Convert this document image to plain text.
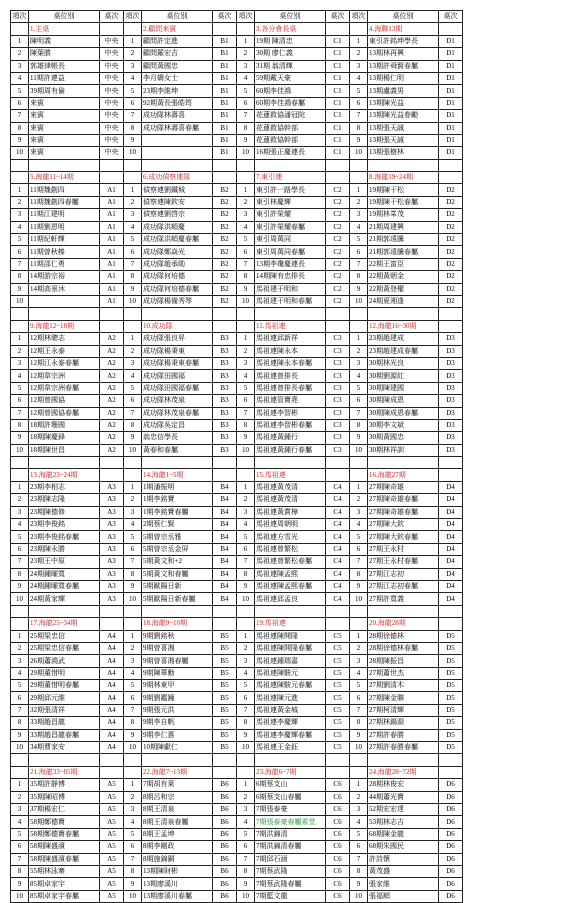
項次	桌位別	桌次	項次	桌位別	桌次	項次	桌位別	桌次	項次	桌位別	桌次
	1.主桌			2.顧問來賓			3.各分會長桌			4.海聯13期	
1	陳明義	中央	1	顧問許定進	B1	1	19期 陳清忠	C1	1	東引許銘坤學長	D1
2	陳葉勝	中央	2	顧問羅宏吉	B1	2	30期 廖仁義	C1	2	13期林再興	D1
3	郭雄律帳長	中央	3	顧問黃國忠	B1	3	31期 翁清輝	C1	3	13期許舜賢春屬	D1
4	11期許連益	中央	4	李月嬌女士	B1	4	59期戴天豪	C1	4	13期楊仁明	D1
5	39期周有倫	中央	5	23期李維坤	B1	5	60期李佳鴻	C1	5	13期盧義男	D1
6	來賓	中央	6	92期黃長張皓筠	B1	6	60期李佳鴻春屬	C1	6	13期陳光益	D1
7	來賓	中央	7	成功隊林壽喜	B1	7	花蓮救協潘冠院	C1	7	13期陳光益眷勵	D1
8	來賓	中央	8	成功隊林壽喜春屬	B1	8	花蓮救協幹部	C1	8	13期張天誠	D1
9	來賓	中央	9		B1	9	花蓮救協幹部	C1	9	13期張天誠	D1
10	來賓	中央	10		B1	10	16期張正慶連長	C1	10	13期張樹林	D1

	5.海龍11~14期			6.成功偵察連隊			7.東引連			8.海龍19~24期	
1	11期魏劍四	A1	1	偵察連劉鐵城	B2	1	東引許一路學長	C2	1	19期陳干松	D2
2	11期魏劍四春屬	A1	2	偵察連陳欽安	B2	2	東引林慶輝	C2	2	19期陳干松春屬	D2
3	11期江建明	A1	3	偵察連劉啓宗	B2	3	東引許榮耀	C2	3	19期林峯茂	D2
4	11期劉恩明	A1	4	成功隊洪順慶	B2	4	東引許榮耀春屬	C2	4	21期周建興	D2
5	11期紀軒輝	A1	5	成功隊洪順慶春屬	B2	5	東引周萬同	C2	5	21期郭遠騰	D2
6	11期曾秋榛	A1	6	成功隊鄭焱光	B2	6	東引周萬同春屬	C2	6	21期郭遠騰春屬	D2
7	11期邵仁勇	A1	7	成功隊趙承勛	B2	7	13期李瓊慶連長	C2	7	22期王富臣	D2
8	14期游宗裕	A1	8	成功隊何培德	B2	8	14期陳有忠排長	C2	8	22期黃朝金	D2
9	14期高景沐	A1	9	成功隊何培德春屬	B2	9	馬祖建干明和	C2	9	22期黃登權	D2
10		A1	10	成功隊楊備秀琴	B2	10	馬祖建干明和春屬	C2	10	24期夏湘逢	D2

	9.海龍12~18期			10.成功隊			11.馬祖連			12.海龍16~30期	
1	12期林聰志	A2	1	成功隊張良昇	B3	1	馬祖連邱新祥	C3	1	23期趙建成	D3
2	12期王永泰	A2	2	成功隊楊秉東	B3	2	馬祖連陳永本	C3	2	23期趙建成春屬	D3
3	12期江永泰春屬	A2	3	成功隊楊秉東春屬	B3	3	馬祖連陳永本春屬	C3	3	30期林光良	D3
4	12期韋宗洲	A2	4	成功隊田國福	B3	4	馬祖連曾排長	C3	4	30期劉源紅	D3
5	12期韋宗洲春屬	A2	5	成功隊田國福春屬	B3	5	馬祖連曾排長春屬	C3	5	30期陳建國	D3
6	12期曾國協	A2	6	成功隊林茂泉	B3	6	馬祖連管寶堯	C3	6	30期陳成恩	D3
7	12期曾國協春屬	A2	7	成功隊林茂泉春屬	B3	7	馬祖連李智彬	C3	7	30期陳成恩春屬	D3
8	18期許珊國	A2	8	成功隊吳定昌	B3	8	馬祖連李智彬春屬	C3	8	30期李文斌	D3
9	18期陳慶鋒	A2	9	翁忠信學長	B3	9	馬祖連黃鍾行	C3	9	30期黃國忠	D3
10	18期陳世昌	A2	10	黃春和春屬	B3	10	馬祖連黃鍾行春屬	C3	10	30期林祥訓	D3

	13.海龍23~24期			14.海龍1~5期			15.馬祖連			16.海龍27期	
1	23期李相志	A3	1	1期潘振明	B4	1	馬祖連黃茂清	C4	1	27期陳奇雄	D4
2	23期陳志隆	A3	2	1期李銘寶	B4	2	馬祖連黃茂清	C4	2	27期陳奇雄春屬	D4
3	23期陳德修	A3	3	1期李銘寶春屬	B4	3	馬祖連黃賞樟	C4	3	27期陳奇雄春屬	D4
4	23期李俊銘	A3	4	2期蔡仁賢	B4	4	馬祖連周朝明	C4	4	27期陳大欽	D4
5	23期李俊銘春屬	A3	5	5期曾宗丞雅	B4	5	馬祖連方雪光	C4	5	27期陳大欽春屬	D4
6	23期陳永勝	A3	6	5期曾宗丞金屏	B4	6	馬祖連曾繁松	C4	6	27期王永村	D4
7	23期王中原	A3	7	5期黃文和+2	B4	7	馬祖連曾繁松春屬	C4	7	27期王永村春屬	D4
8	24期鍾曜寬	A3	8	5期黃文和春屬	B4	8	馬祖連陳孟熙	C4	8	27期江志初	D4
9	24期鍾曜寬春屬	A3	9	5期歐陽日新	B4	9	馬祖連陳孟熙春屬	C4	9	27期江志初春屬	D4
10	24期黃家輝	A3	10	5期歐陽日新春屬	B4	10	馬祖連邱孟良	C4	10	27期許寬義	D4

	17.海龍25~34期			18.海龍9~10期			19.馬祖連			20.海龍28期	
1	25期梁忠信	A4	1	9期劉銘秋	B5	1	馬祖連陳開隆	C5	1	28期徐德林	D5
2	25期梁忠信春屬	A4	2	9期曾喜湘	B5	2	馬祖連陳開隆春屬	C5	2	28期徐德林春屬	D5
3	26期蕭鴻武	A4	3	9期曾喜湘春屬	B5	3	馬祖連鍾瑞嘉	C5	3	28期陳振昌	D5
4	29期董惜明	A4	4	9期陳華勳	B5	4	馬祖連陳駿元	C5	4	27期蕭世杰	D5
5	29期董惜明春屬	A4	5	9期林東甲	B5	5	馬祖連陳駿元春屬	C5	5	27期劉清木	D5
6	29期邱元維	A4	6	9期劉鑑鐘	B5	6	馬祖連陳元進	C5	6	27期陳金聯	D5
7	32期張清祥	A4	7	9期張元洪	B5	7	馬祖連黃金城	C5	7	27期柯清輝	D5
8	33期趙昌龍	A4	8	9期李自帆	B5	8	馬祖連李慶輝	C5	8	27期林錫淵	D5
9	33期趙昌龍春屬	A4	9	9期李仁惠	B5	9	馬祖連李慶輝春屬	C5	9	27期許春勝	D5
10	34期曹家安	A4	10	10期陳獻仁	B5	10	馬祖連王金鈺	C5	10	27期許春勝春屬	D5

	21.海龍33~85期			22.海龍7~13期			23.海龍6~7期			24.海龍28~72期	
1	35期許靜博	A5	1	7期胡有萊	B6	1	6期蔡支山	C6	1	28期林俊宏	D6
2	35期陳昭博	A5	2	8期呂和宗	B6	2	6期蔡支山春屬	C6	2	44期蕭光寶	D6
3	37期楊宏仁	A5	3	8期王清泉	B6	3	7期張泰豪	C6	3	52期宏宏達	D6
4	58期鄭德寶	A5	4	8期王清泉春屬	B6	4	7期張泰豪春屬素堂	C6	4	53期林志吉	D6
5	58期鄭德寶春屬	A5	5	8期王孟坤	B6	5	7期洪錦清	C6	5	68期陳金龍	D6
6	58期陳盛濱	A5	6	8期李剛政	B6	6	7期洪錦清春屬	C6	6	68期朱國民	D6
7	58期陳盛濱春屬	A5	7	8期施錦銅	B6	7	7期邱石涵	C6	7	許詩懷	D6
8	55期林泳寨	A5	8	13期陳財彬	B6	8	7期蔡武隆	C6	8	黃茂盛	D6
9	85期卓家宇	A5	9	13期廖溪川	B6	9	7期蔡武隆春屬	C6	9	張家維	D6
10	85期卓家宇春屬	A5	10	13期廖溪川春屬	B6	10	7期藍文龍	C6	10	張福順	D6
